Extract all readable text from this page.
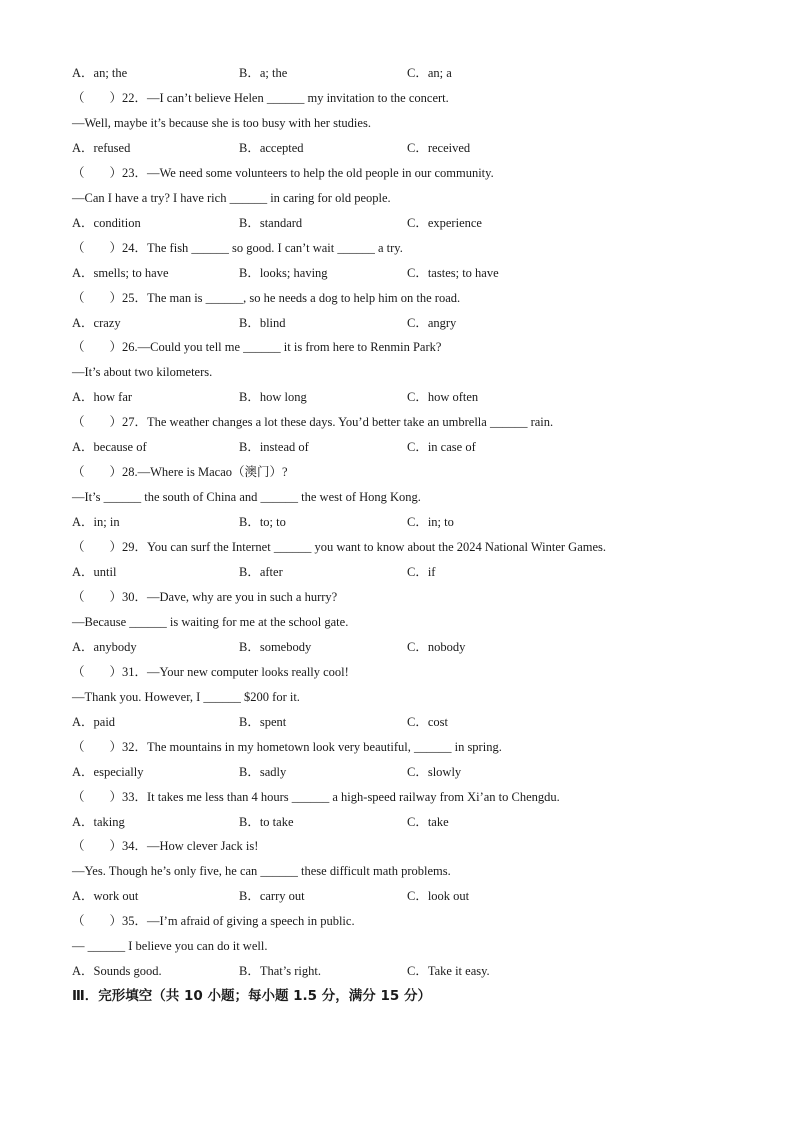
A．an; the	B．a; the	C．an; a
（　　）22．—I can’t believe Helen ______ my invitation to the concert.
—Well, maybe it’s because she is too busy with her studies.
A．refused	B．accepted	C．received
（　　）23．—We need some volunteers to help the old people in our community.
—Can I have a try? I have rich ______ in caring for old people.
A．condition	B．standard	C．experience
（　　）24．The fish ______ so good. I can’t wait ______ a try.
A．smells; to have	B．looks; having	C．tastes; to have
（　　）25．The man is ______, so he needs a dog to help him on the road.
A．crazy	B．blind	C．angry
（　　）26.—Could you tell me ______ it is from here to Renmin Park?
—It’s about two kilometers.
A．how far	B．how long	C．how often
（　　）27．The weather changes a lot these days. You’d better take an umbrella ______ rain.
A．because of	B．instead of	C．in case of
（　　）28.—Where is Macao（澳门）?
—It’s ______ the south of China and ______ the west of Hong Kong.
A．in; in	B．to; to	C．in; to
（　　）29．You can surf the Internet ______ you want to know about the 2024 National Winter Games.
A．until	B．after	C．if
（　　）30．—Dave, why are you in such a hurry?
—Because ______ is waiting for me at the school gate.
A．anybody	B．somebody	C．nobody
（　　）31．—Your new computer looks really cool!
—Thank you. However, I ______ $200 for it.
A．paid	B．spent	C．cost
（　　）32．The mountains in my hometown look very beautiful, ______ in spring.
A．especially	B．sadly	C．slowly
（　　）33．It takes me less than 4 hours ______ a high-speed railway from Xi’an to Chengdu.
A．taking	B．to take	C．take
（　　）34．—How clever Jack is!
—Yes. Though he’s only five, he can ______ these difficult math problems.
A．work out	B．carry out	C．look out
（　　）35．—I’m afraid of giving a speech in public.
— ______ I believe you can do it well.
A．Sounds good.	B．That’s right.	C．Take it easy.
Ⅲ．完形填空（共 10 小题；每小题 1.5 分，满分 15 分）
